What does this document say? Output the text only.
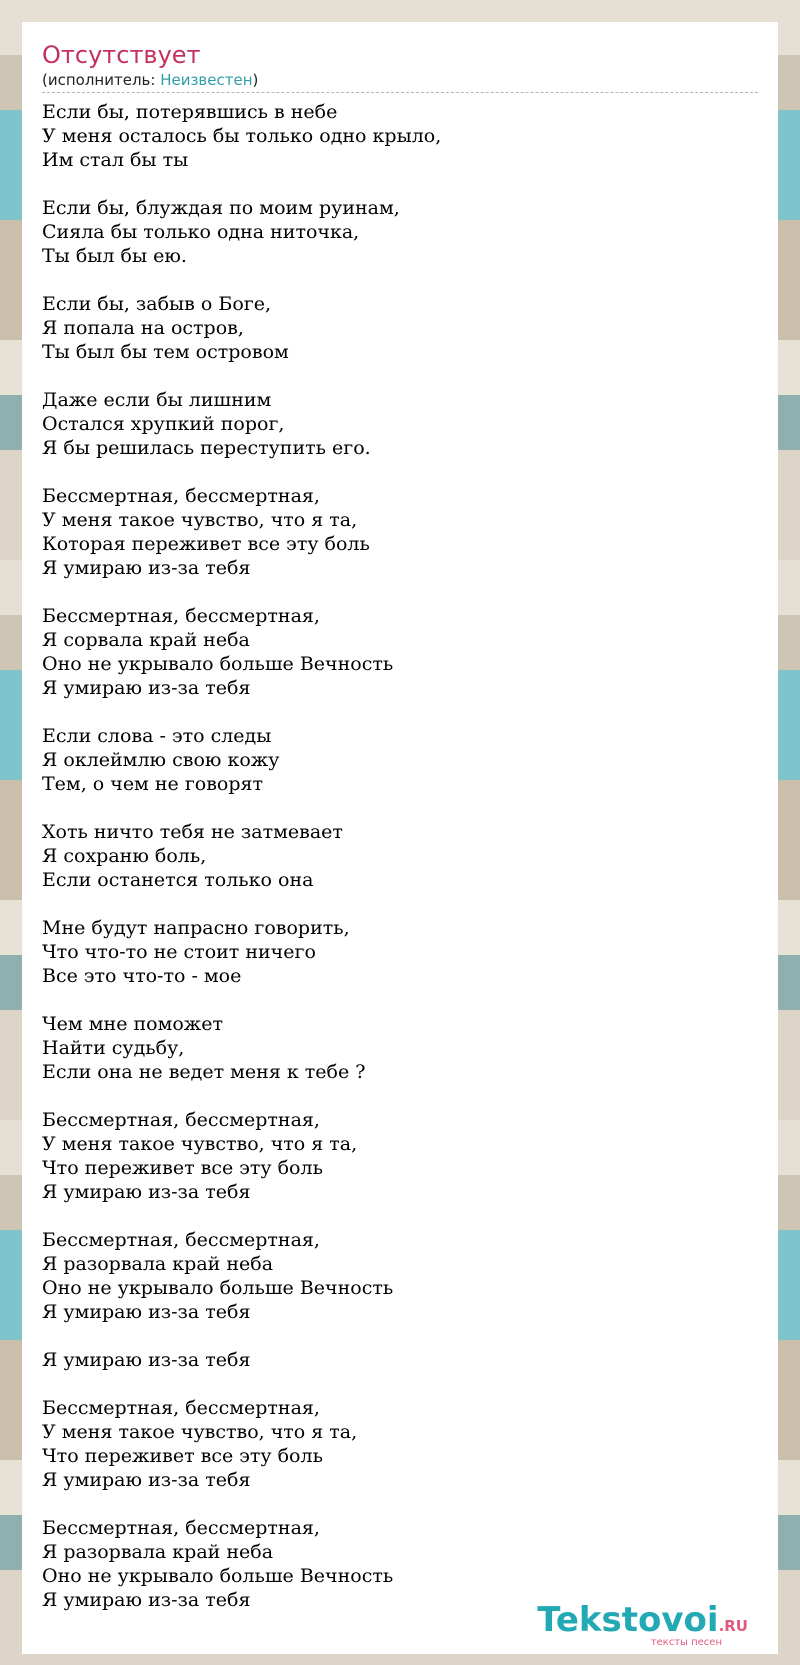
Отсутствует
(исполнитель: Неизвестен)
Если бы, потерявшись в небе
У меня осталось бы только одно крыло,
Им стал бы ты
Если бы, блуждая по моим руинам,
Сияла бы только одна ниточка,
Ты был бы ею.
Если бы, забыв о Боге,
Я попала на остров,
Ты был бы тем островом
Даже если бы лишним
Остался хрупкий порог,
Я бы решилась переступить его.
Бессмертная, бессмертная,
У меня такое чувство, что я та,
Которая переживет все эту боль
Я умираю из-за тебя
Бессмертная, бессмертная,
Я сорвала край неба
Оно не укрывало больше Вечность
Я умираю из-за тебя
Если слова - это следы
Я оклеймлю свою кожу
Тем, о чем не говорят
Хоть ничто тебя не затмевает
Я сохраню боль,
Если останется только она
Мне будут напрасно говорить,
Что что-то не стоит ничего
Все это что-то - мое
Чем мне поможет
Найти судьбу,
Если она не ведет меня к тебе ?
Бессмертная, бессмертная,
У меня такое чувство, что я та,
Что переживет все эту боль
Я умираю из-за тебя
Бессмертная, бессмертная,
Я разорвала край неба
Оно не укрывало больше Вечность
Я умираю из-за тебя
Я умираю из-за тебя
Бессмертная, бессмертная,
У меня такое чувство, что я та,
Что переживет все эту боль
Я умираю из-за тебя
Бессмертная, бессмертная,
Я разорвала край неба
Оно не укрывало больше Вечность
Я умираю из-за тебя	Tekstovoi.RU
тексты песен
